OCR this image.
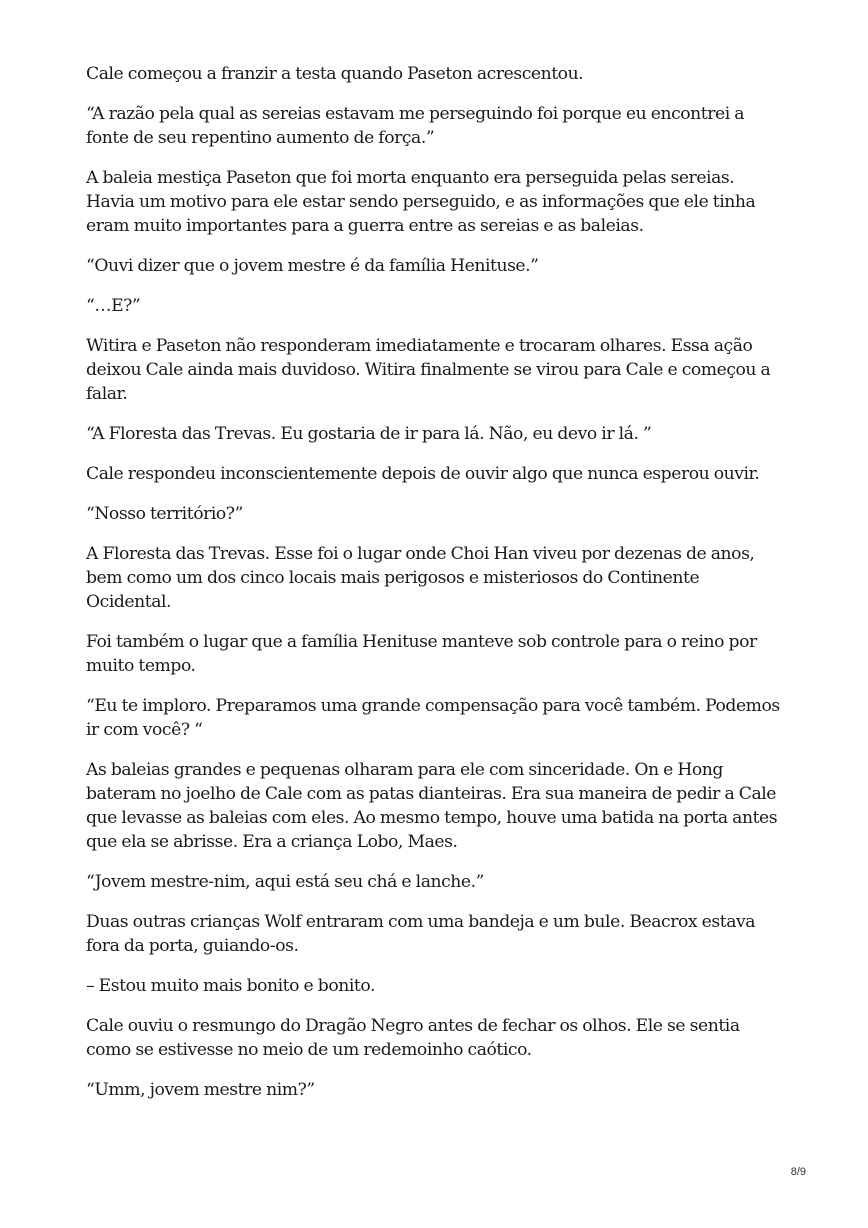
Cale começou a franzir a testa quando Paseton acrescentou.

“A razão pela qual as sereias estavam me perseguindo foi porque eu encontrei a fonte de seu repentino aumento de força.”

A baleia mestiça Paseton que foi morta enquanto era perseguida pelas sereias. Havia um motivo para ele estar sendo perseguido, e as informações que ele tinha eram muito importantes para a guerra entre as sereias e as baleias.

“Ouvi dizer que o jovem mestre é da família Henituse.”

“…E?”

Witira e Paseton não responderam imediatamente e trocaram olhares. Essa ação deixou Cale ainda mais duvidoso. Witira finalmente se virou para Cale e começou a falar.

“A Floresta das Trevas. Eu gostaria de ir para lá. Não, eu devo ir lá. ”

Cale respondeu inconscientemente depois de ouvir algo que nunca esperou ouvir.

“Nosso território?”

A Floresta das Trevas. Esse foi o lugar onde Choi Han viveu por dezenas de anos, bem como um dos cinco locais mais perigosos e misteriosos do Continente Ocidental.

Foi também o lugar que a família Henituse manteve sob controle para o reino por muito tempo.

“Eu te imploro. Preparamos uma grande compensação para você também. Podemos ir com você? “

As baleias grandes e pequenas olharam para ele com sinceridade. On e Hong bateram no joelho de Cale com as patas dianteiras. Era sua maneira de pedir a Cale que levasse as baleias com eles. Ao mesmo tempo, houve uma batida na porta antes que ela se abrisse. Era a criança Lobo, Maes.

“Jovem mestre-nim, aqui está seu chá e lanche.”

Duas outras crianças Wolf entraram com uma bandeja e um bule. Beacrox estava fora da porta, guiando-os.

– Estou muito mais bonito e bonito.

Cale ouviu o resmungo do Dragão Negro antes de fechar os olhos. Ele se sentia como se estivesse no meio de um redemoinho caótico.

“Umm, jovem mestre nim?”

8/9
